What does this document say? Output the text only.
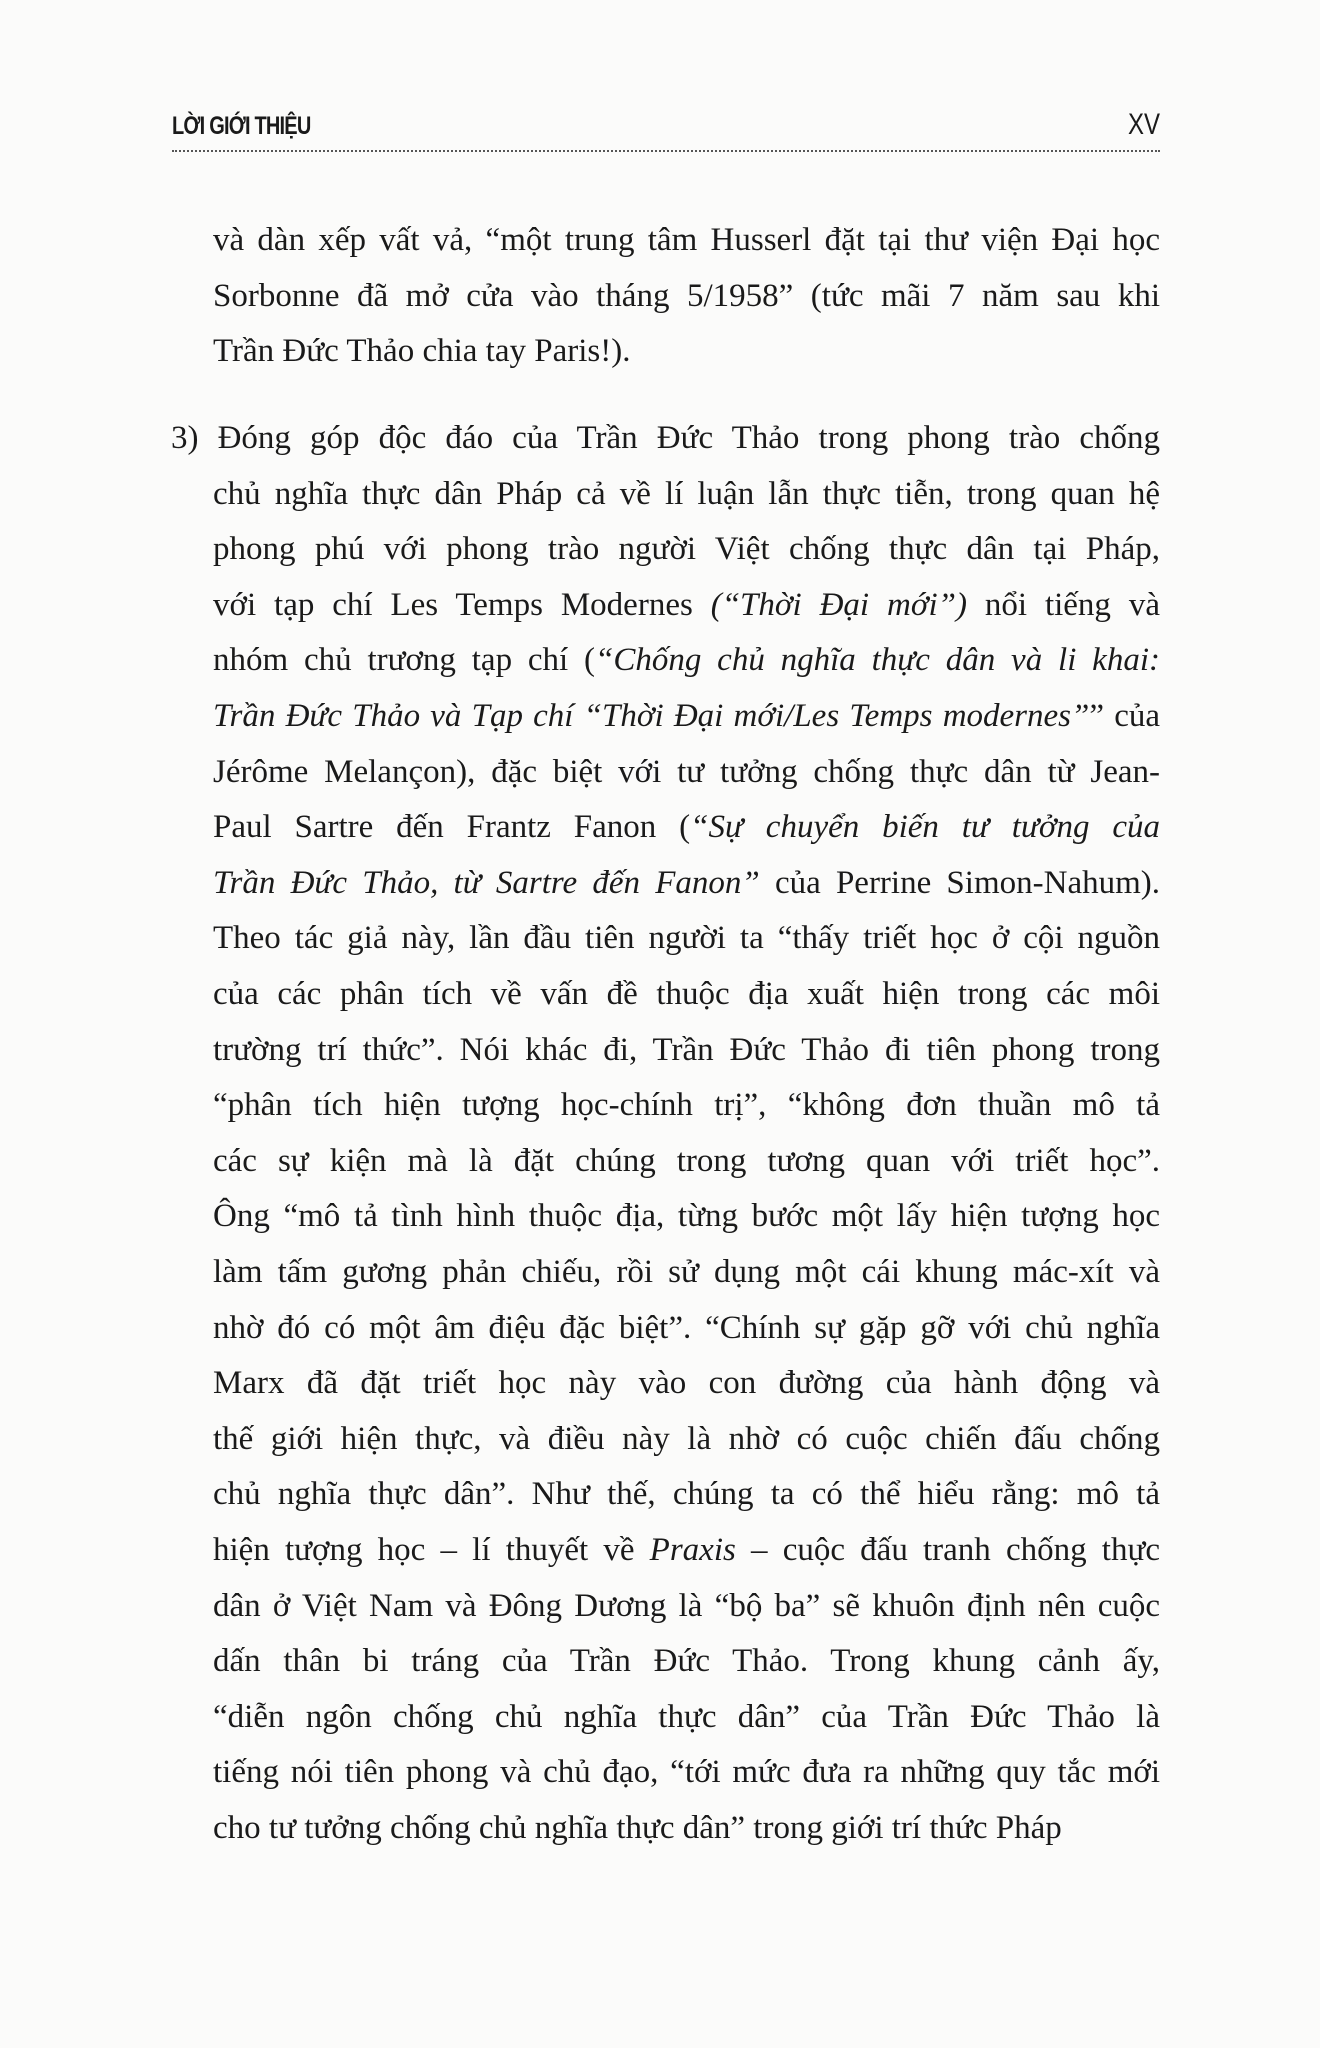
LỜI GIỚI THIỆU	XV
và dàn xếp vất vả, “một trung tâm Husserl đặt tại thư viện Đại học
Sorbonne đã mở cửa vào tháng 5/1958” (tức mãi 7 năm sau khi
Trần Đức Thảo chia tay Paris!).
3) Đóng góp độc đáo của Trần Đức Thảo trong phong trào chống
chủ nghĩa thực dân Pháp cả về lí luận lẫn thực tiễn, trong quan hệ
phong phú với phong trào người Việt chống thực dân tại Pháp,
với tạp chí Les Temps Modernes (“Thời Đại mới”) nổi tiếng và
nhóm chủ trương tạp chí (“Chống chủ nghĩa thực dân và li khai:
Trần Đức Thảo và Tạp chí “Thời Đại mới/Les Temps modernes”” của
Jérôme Melançon), đặc biệt với tư tưởng chống thực dân từ Jean-
Paul Sartre đến Frantz Fanon (“Sự chuyển biến tư tưởng của
Trần Đức Thảo, từ Sartre đến Fanon” của Perrine Simon-Nahum).
Theo tác giả này, lần đầu tiên người ta “thấy triết học ở cội nguồn
của các phân tích về vấn đề thuộc địa xuất hiện trong các môi
trường trí thức”. Nói khác đi, Trần Đức Thảo đi tiên phong trong
“phân tích hiện tượng học-chính trị”, “không đơn thuần mô tả
các sự kiện mà là đặt chúng trong tương quan với triết học”.
Ông “mô tả tình hình thuộc địa, từng bước một lấy hiện tượng học
làm tấm gương phản chiếu, rồi sử dụng một cái khung mác-xít và
nhờ đó có một âm điệu đặc biệt”. “Chính sự gặp gỡ với chủ nghĩa
Marx đã đặt triết học này vào con đường của hành động và
thế giới hiện thực, và điều này là nhờ có cuộc chiến đấu chống
chủ nghĩa thực dân”. Như thế, chúng ta có thể hiểu rằng: mô tả
hiện tượng học – lí thuyết về Praxis – cuộc đấu tranh chống thực
dân ở Việt Nam và Đông Dương là “bộ ba” sẽ khuôn định nên cuộc
dấn thân bi tráng của Trần Đức Thảo. Trong khung cảnh ấy,
“diễn ngôn chống chủ nghĩa thực dân” của Trần Đức Thảo là
tiếng nói tiên phong và chủ đạo, “tới mức đưa ra những quy tắc mới
cho tư tưởng chống chủ nghĩa thực dân” trong giới trí thức Pháp
